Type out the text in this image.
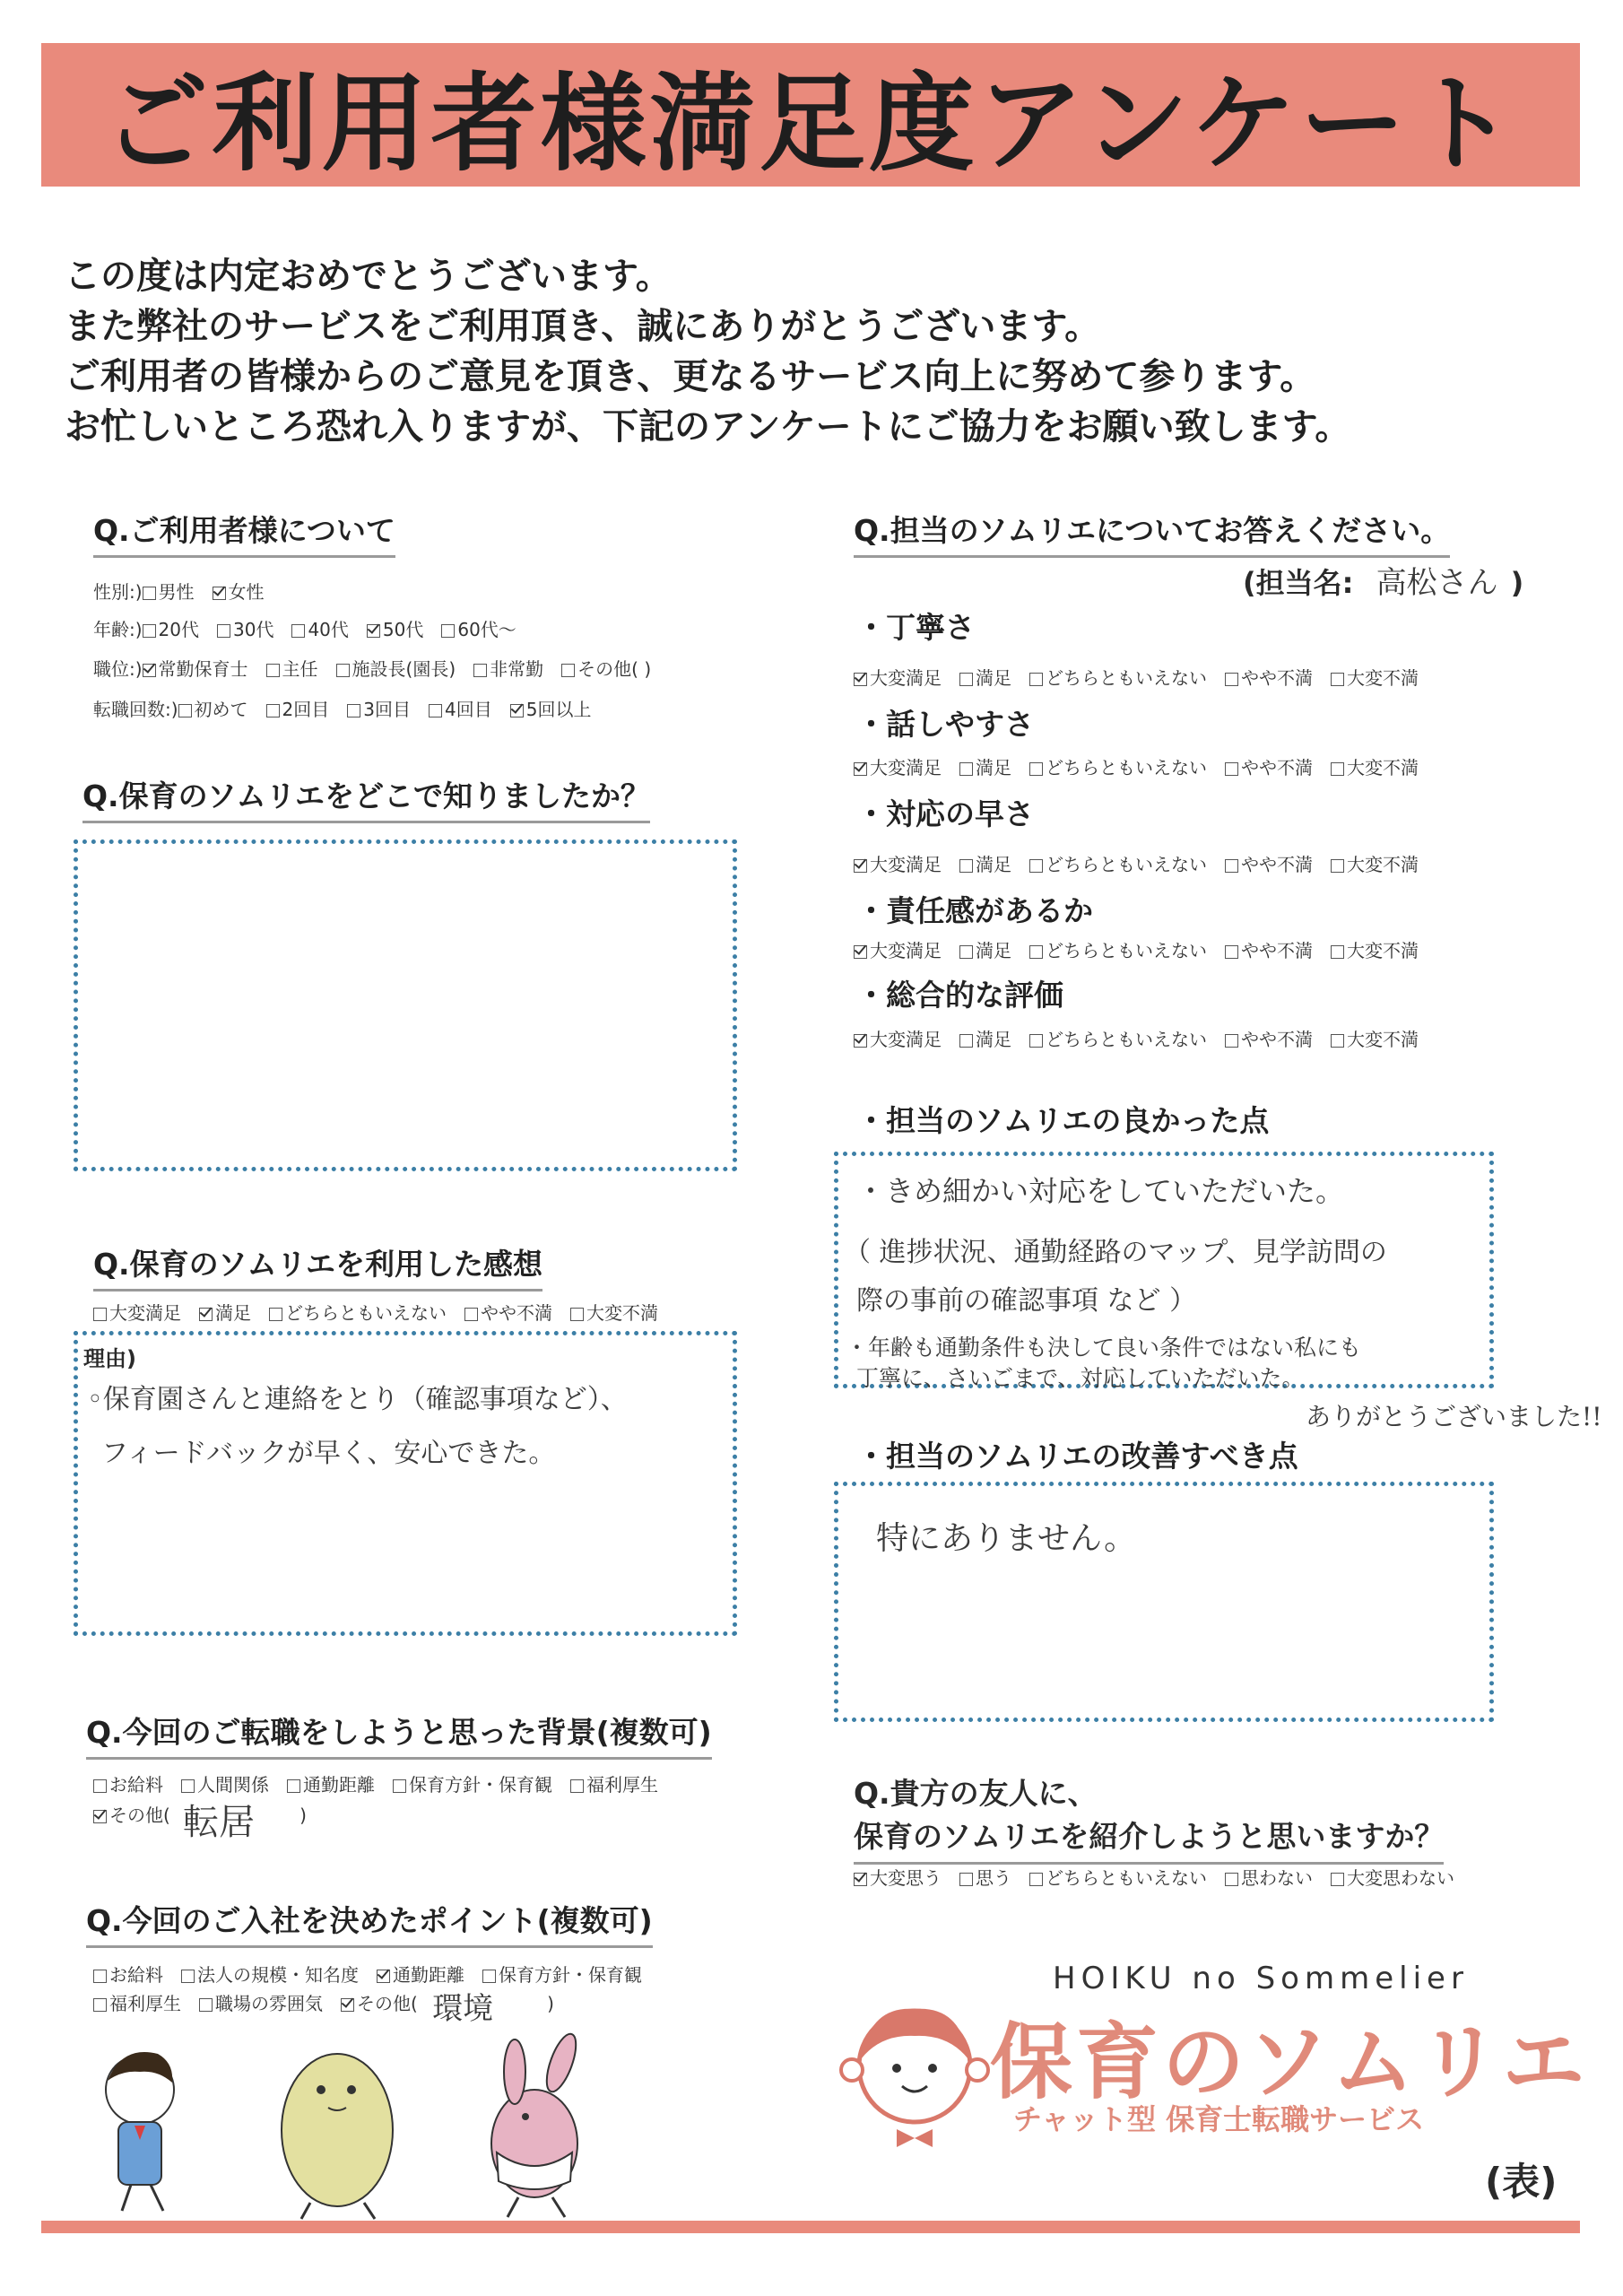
ご利用者様満足度アンケート
この度は内定おめでとうございます。
また弊社のサービスをご利用頂き、誠にありがとうございます。
ご利用者の皆様からのご意見を頂き、更なるサービス向上に努めて参ります。
お忙しいところ恐れ入りますが、下記のアンケートにご協力をお願い致します。
Q.ご利用者様について
性別:) 男性 女性
年齢:) 20代 30代 40代 50代 60代〜
職位:) 常勤保育士 主任 施設長(園長) 非常勤 その他( )
転職回数:) 初めて 2回目 3回目 4回目 5回以上
Q.保育のソムリエをどこで知りましたか？
Q.保育のソムリエを利用した感想
大変満足 満足 どちらともいえない やや不満 大変不満
理由)
◦保育園さんと連絡をとり（確認事項など）、
フィードバックが早く、安心できた。
Q.今回のご転職をしようと思った背景(複数可)
お給料 人間関係 通勤距離 保育方針・保育観 福利厚生
その他( 転居	)
Q.今回のご入社を決めたポイント(複数可)
お給料 法人の規模・知名度 通勤距離 保育方針・保育観
福利厚生 職場の雰囲気 その他( 環境	)
Q.担当のソムリエについてお答えください。
(担当名: 高松さん )
・丁寧さ
大変満足 満足 どちらともいえない やや不満 大変不満
・話しやすさ
大変満足 満足 どちらともいえない やや不満 大変不満
・対応の早さ
大変満足 満足 どちらともいえない やや不満 大変不満
・責任感があるか
大変満足 満足 どちらともいえない やや不満 大変不満
・総合的な評価
大変満足 満足 どちらともいえない やや不満 大変不満
・担当のソムリエの良かった点
・きめ細かい対応をしていただいた。
（ 進捗状況、通勤経路のマップ、見学訪問の
際の事前の確認事項 など ）
・年齢も通勤条件も決して良い条件ではない私にも
丁寧に、さいごまで、対応していただいた。
ありがとうございました!!
・担当のソムリエの改善すべき点
特にありません。
Q.貴方の友人に、
保育のソムリエを紹介しようと思いますか？
大変思う 思う どちらともいえない 思わない 大変思わない
HOIKU no Sommelier
保育のソムリエ
チャット型 保育士転職サービス
(表)
